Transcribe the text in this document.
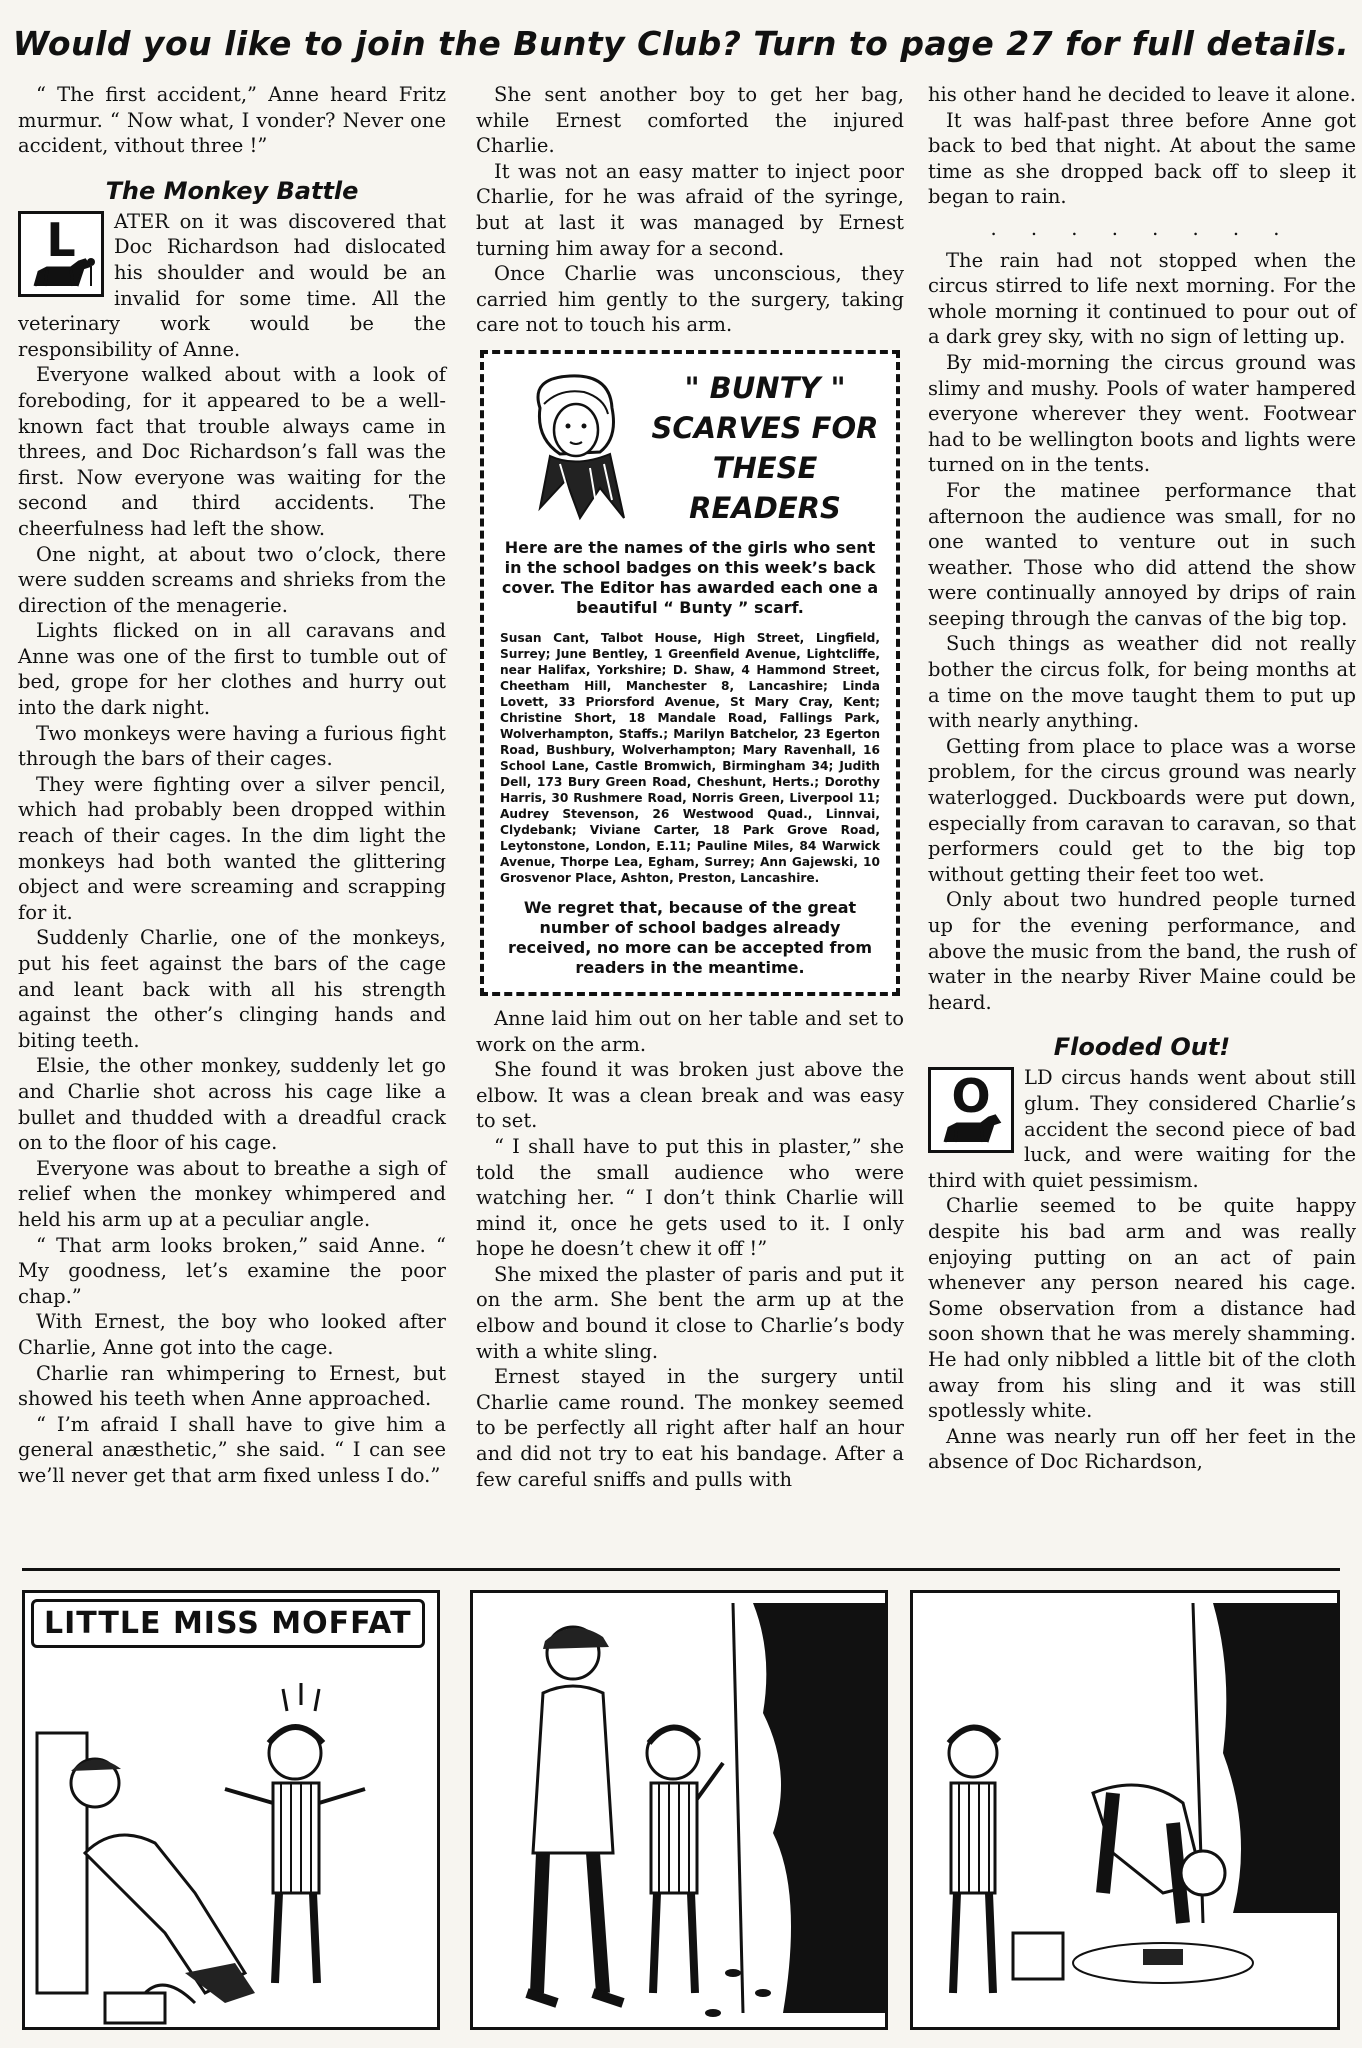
Would you like to join the Bunty Club? Turn to page 27 for full details.

“ The first accident,” Anne heard Fritz murmur. “ Now what, I vonder? Never one accident, vithout three !”

The Monkey Battle
L	ATER on it was discovered that Doc Richardson had dislocated his shoulder and would be an invalid for some time. All the veterinary work would be the responsibility of Anne.

Everyone walked about with a look of foreboding, for it appeared to be a well-known fact that trouble always came in threes, and Doc Richardson’s fall was the first. Now everyone was waiting for the second and third accidents. The cheerfulness had left the show.

One night, at about two o’clock, there were sudden screams and shrieks from the direction of the menagerie.

Lights flicked on in all caravans and Anne was one of the first to tumble out of bed, grope for her clothes and hurry out into the dark night.

Two monkeys were having a furious fight through the bars of their cages.

They were fighting over a silver pencil, which had probably been dropped within reach of their cages. In the dim light the monkeys had both wanted the glittering object and were screaming and scrapping for it.

Suddenly Charlie, one of the monkeys, put his feet against the bars of the cage and leant back with all his strength against the other’s clinging hands and biting teeth.

Elsie, the other monkey, suddenly let go and Charlie shot across his cage like a bullet and thudded with a dreadful crack on to the floor of his cage.

Everyone was about to breathe a sigh of relief when the monkey whimpered and held his arm up at a peculiar angle.

“ That arm looks broken,” said Anne. “ My goodness, let’s examine the poor chap.”

With Ernest, the boy who looked after Charlie, Anne got into the cage.

Charlie ran whimpering to Ernest, but showed his teeth when Anne approached.

“ I’m afraid I shall have to give him a general anæsthetic,” she said. “ I can see we’ll never get that arm fixed unless I do.”

She sent another boy to get her bag, while Ernest comforted the injured Charlie.

It was not an easy matter to inject poor Charlie, for he was afraid of the syringe, but at last it was managed by Ernest turning him away for a second.

Once Charlie was unconscious, they carried him gently to the surgery, taking care not to touch his arm.

" BUNTY " SCARVES FOR THESE READERS
Here are the names of the girls who sent in the school badges on this week’s back cover. The Editor has awarded each one a beautiful “ Bunty ” scarf.
Susan Cant, Talbot House, High Street, Lingfield, Surrey; June Bentley, 1 Greenfield Avenue, Lightcliffe, near Halifax, Yorkshire; D. Shaw, 4 Hammond Street, Cheetham Hill, Manchester 8, Lancashire; Linda Lovett, 33 Priorsford Avenue, St Mary Cray, Kent; Christine Short, 18 Mandale Road, Fallings Park, Wolverhampton, Staffs.; Marilyn Batchelor, 23 Egerton Road, Bushbury, Wolverhampton; Mary Ravenhall, 16 School Lane, Castle Bromwich, Birmingham 34; Judith Dell, 173 Bury Green Road, Cheshunt, Herts.; Dorothy Harris, 30 Rushmere Road, Norris Green, Liverpool 11; Audrey Stevenson, 26 Westwood Quad., Linnvai, Clydebank; Viviane Carter, 18 Park Grove Road, Leytonstone, London, E.11; Pauline Miles, 84 Warwick Avenue, Thorpe Lea, Egham, Surrey; Ann Gajewski, 10 Grosvenor Place, Ashton, Preston, Lancashire.
We regret that, because of the great number of school badges already received, no more can be accepted from readers in the meantime.

Anne laid him out on her table and set to work on the arm.

She found it was broken just above the elbow. It was a clean break and was easy to set.

“ I shall have to put this in plaster,” she told the small audience who were watching her. “ I don’t think Charlie will mind it, once he gets used to it. I only hope he doesn’t chew it off !”

She mixed the plaster of paris and put it on the arm. She bent the arm up at the elbow and bound it close to Charlie’s body with a white sling.

Ernest stayed in the surgery until Charlie came round. The monkey seemed to be perfectly all right after half an hour and did not try to eat his bandage. After a few careful sniffs and pulls with

his other hand he decided to leave it alone.

It was half-past three before Anne got back to bed that night. At about the same time as she dropped back off to sleep it began to rain.

. . . . . . . .

The rain had not stopped when the circus stirred to life next morning. For the whole morning it continued to pour out of a dark grey sky, with no sign of letting up.

By mid-morning the circus ground was slimy and mushy. Pools of water hampered everyone wherever they went. Footwear had to be wellington boots and lights were turned on in the tents.

For the matinee performance that afternoon the audience was small, for no one wanted to venture out in such weather. Those who did attend the show were continually annoyed by drips of rain seeping through the canvas of the big top.

Such things as weather did not really bother the circus folk, for being months at a time on the move taught them to put up with nearly anything.

Getting from place to place was a worse problem, for the circus ground was nearly waterlogged. Duckboards were put down, especially from caravan to caravan, so that performers could get to the big top without getting their feet too wet.

Only about two hundred people turned up for the evening performance, and above the music from the band, the rush of water in the nearby River Maine could be heard.

Flooded Out!
O	LD circus hands went about still glum. They considered Charlie’s accident the second piece of bad luck, and were waiting for the third with quiet pessimism.

Charlie seemed to be quite happy despite his bad arm and was really enjoying putting on an act of pain whenever any person neared his cage. Some observation from a distance had soon shown that he was merely shamming. He had only nibbled a little bit of the cloth away from his sling and it was still spotlessly white.

Anne was nearly run off her feet in the absence of Doc Richardson,

LITTLE MISS MOFFAT
